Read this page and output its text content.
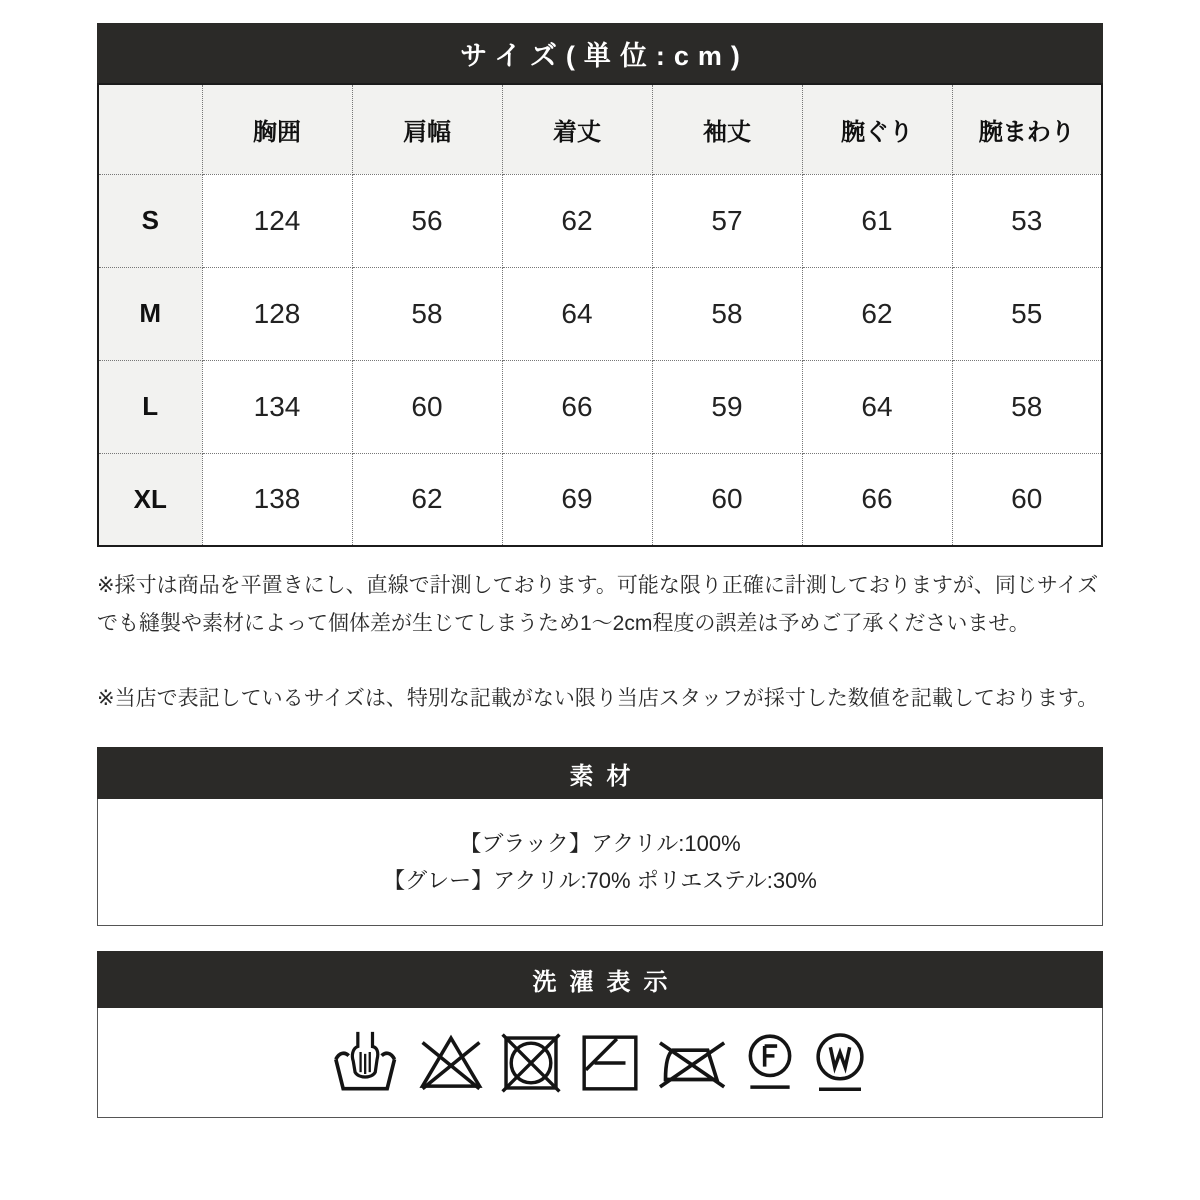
サイズ(単位:cm)
	胸囲	肩幅	着丈	袖丈	腕ぐり	腕まわり
S	124	56	62	57	61	53
M	128	58	64	58	62	55
L	134	60	66	59	64	58
XL	138	62	69	60	66	60

※採寸は商品を平置きにし、直線で計測しております。可能な限り正確に計測しておりますが、同じサイズでも縫製や素材によって個体差が生じてしまうため1〜2cm程度の誤差は予めご了承くださいませ。

※当店で表記しているサイズは、特別な記載がない限り当店スタッフが採寸した数値を記載しております。

素材
【ブラック】アクリル:100%
【グレー】アクリル:70% ポリエステル:30%
洗濯表示
